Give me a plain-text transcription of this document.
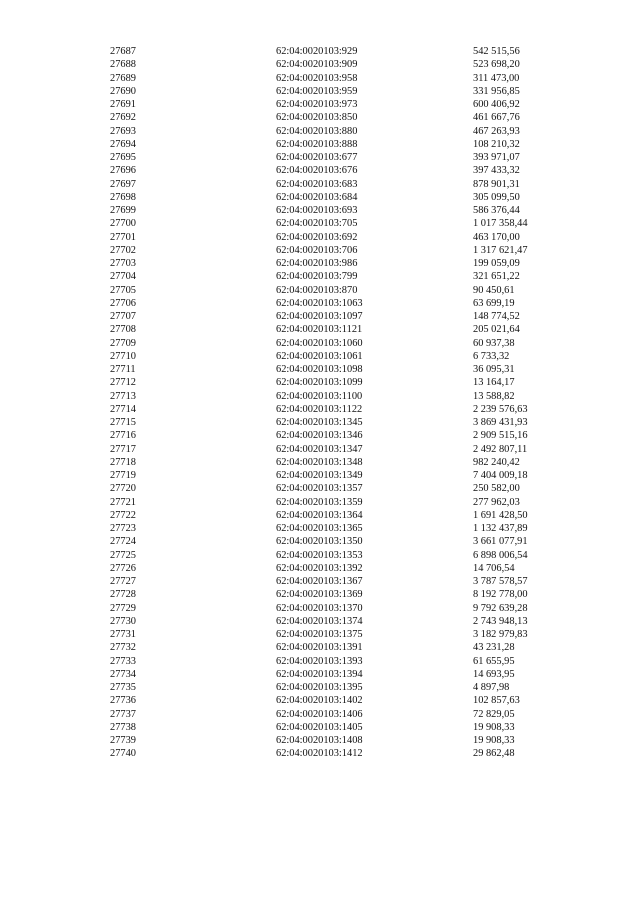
27687	62:04:0020103:929	542 515,56
27688	62:04:0020103:909	523 698,20
27689	62:04:0020103:958	311 473,00
27690	62:04:0020103:959	331 956,85
27691	62:04:0020103:973	600 406,92
27692	62:04:0020103:850	461 667,76
27693	62:04:0020103:880	467 263,93
27694	62:04:0020103:888	108 210,32
27695	62:04:0020103:677	393 971,07
27696	62:04:0020103:676	397 433,32
27697	62:04:0020103:683	878 901,31
27698	62:04:0020103:684	305 099,50
27699	62:04:0020103:693	586 376,44
27700	62:04:0020103:705	1 017 358,44
27701	62:04:0020103:692	463 170,00
27702	62:04:0020103:706	1 317 621,47
27703	62:04:0020103:986	199 059,09
27704	62:04:0020103:799	321 651,22
27705	62:04:0020103:870	90 450,61
27706	62:04:0020103:1063	63 699,19
27707	62:04:0020103:1097	148 774,52
27708	62:04:0020103:1121	205 021,64
27709	62:04:0020103:1060	60 937,38
27710	62:04:0020103:1061	6 733,32
27711	62:04:0020103:1098	36 095,31
27712	62:04:0020103:1099	13 164,17
27713	62:04:0020103:1100	13 588,82
27714	62:04:0020103:1122	2 239 576,63
27715	62:04:0020103:1345	3 869 431,93
27716	62:04:0020103:1346	2 909 515,16
27717	62:04:0020103:1347	2 492 807,11
27718	62:04:0020103:1348	982 240,42
27719	62:04:0020103:1349	7 404 009,18
27720	62:04:0020103:1357	250 582,00
27721	62:04:0020103:1359	277 962,03
27722	62:04:0020103:1364	1 691 428,50
27723	62:04:0020103:1365	1 132 437,89
27724	62:04:0020103:1350	3 661 077,91
27725	62:04:0020103:1353	6 898 006,54
27726	62:04:0020103:1392	14 706,54
27727	62:04:0020103:1367	3 787 578,57
27728	62:04:0020103:1369	8 192 778,00
27729	62:04:0020103:1370	9 792 639,28
27730	62:04:0020103:1374	2 743 948,13
27731	62:04:0020103:1375	3 182 979,83
27732	62:04:0020103:1391	43 231,28
27733	62:04:0020103:1393	61 655,95
27734	62:04:0020103:1394	14 693,95
27735	62:04:0020103:1395	4 897,98
27736	62:04:0020103:1402	102 857,63
27737	62:04:0020103:1406	72 829,05
27738	62:04:0020103:1405	19 908,33
27739	62:04:0020103:1408	19 908,33
27740	62:04:0020103:1412	29 862,48
